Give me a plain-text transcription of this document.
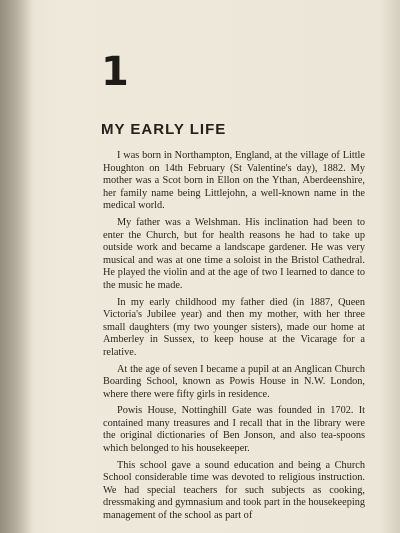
1
MY EARLY LIFE

I was born in Northampton, England, at the village of Little Houghton on 14th February (St Valentine's day), 1882. My mother was a Scot born in Ellon on the Ythan, Aberdeenshire, her family name being Littlejohn, a well-known name in the medical world.

My father was a Welshman. His inclination had been to enter the Church, but for health reasons he had to take up outside work and became a landscape gardener. He was very musical and was at one time a soloist in the Bristol Cathedral. He played the violin and at the age of two I learned to dance to the music he made.

In my early childhood my father died (in 1887, Queen Victoria's Jubilee year) and then my mother, with her three small daughters (my two younger sisters), made our home at Amberley in Sussex, to keep house at the Vicarage for a relative.

At the age of seven I became a pupil at an Anglican Church Boarding School, known as Powis House in N.W. London, where there were fifty girls in residence.

Powis House, Nottinghill Gate was founded in 1702. It contained many treasures and I recall that in the library were the original dictionaries of Ben Jonson, and also tea-spoons which belonged to his housekeeper.

This school gave a sound education and being a Church School considerable time was devoted to religious instruction. We had special teachers for such subjects as cooking, dressmaking and gymnasium and took part in the housekeeping management of the school as part of
